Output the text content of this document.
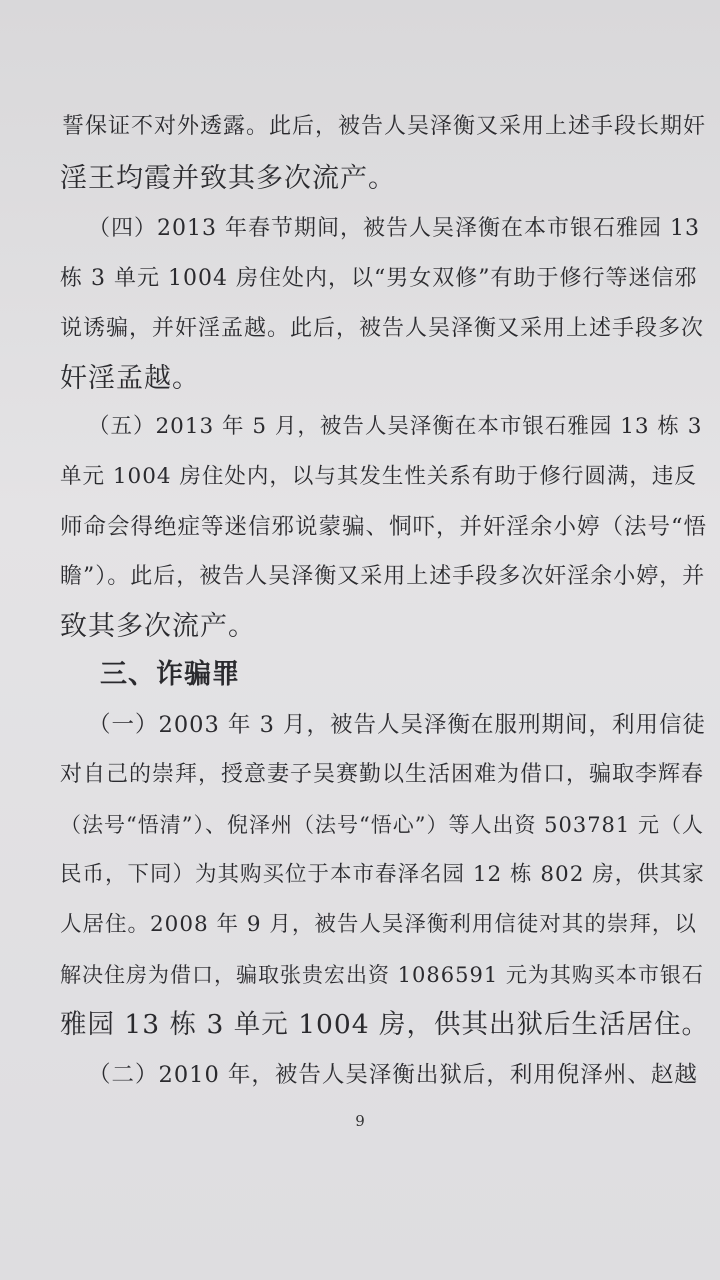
誓保证不对外透露。此后，被告人吴泽衡又采用上述手段长期奸
淫王均霞并致其多次流产。
（四）2013 年春节期间，被告人吴泽衡在本市银石雅园 13
栋 3 单元 1004 房住处内，以“男女双修”有助于修行等迷信邪
说诱骗，并奸淫孟越。此后，被告人吴泽衡又采用上述手段多次
奸淫孟越。
（五）2013 年 5 月，被告人吴泽衡在本市银石雅园 13 栋 3
单元 1004 房住处内，以与其发生性关系有助于修行圆满，违反
师命会得绝症等迷信邪说蒙骗、恫吓，并奸淫余小婷（法号“悟
瞻”）。此后，被告人吴泽衡又采用上述手段多次奸淫余小婷，并
致其多次流产。
三、诈骗罪
（一）2003 年 3 月，被告人吴泽衡在服刑期间，利用信徒
对自己的崇拜，授意妻子吴赛勤以生活困难为借口，骗取李辉春
（法号“悟清”）、倪泽州（法号“悟心”）等人出资 503781 元（人
民币，下同）为其购买位于本市春泽名园 12 栋 802 房，供其家
人居住。2008 年 9 月，被告人吴泽衡利用信徒对其的崇拜，以
解决住房为借口，骗取张贵宏出资 1086591 元为其购买本市银石
雅园 13 栋 3 单元 1004 房，供其出狱后生活居住。
（二）2010 年，被告人吴泽衡出狱后，利用倪泽州、赵越
9
